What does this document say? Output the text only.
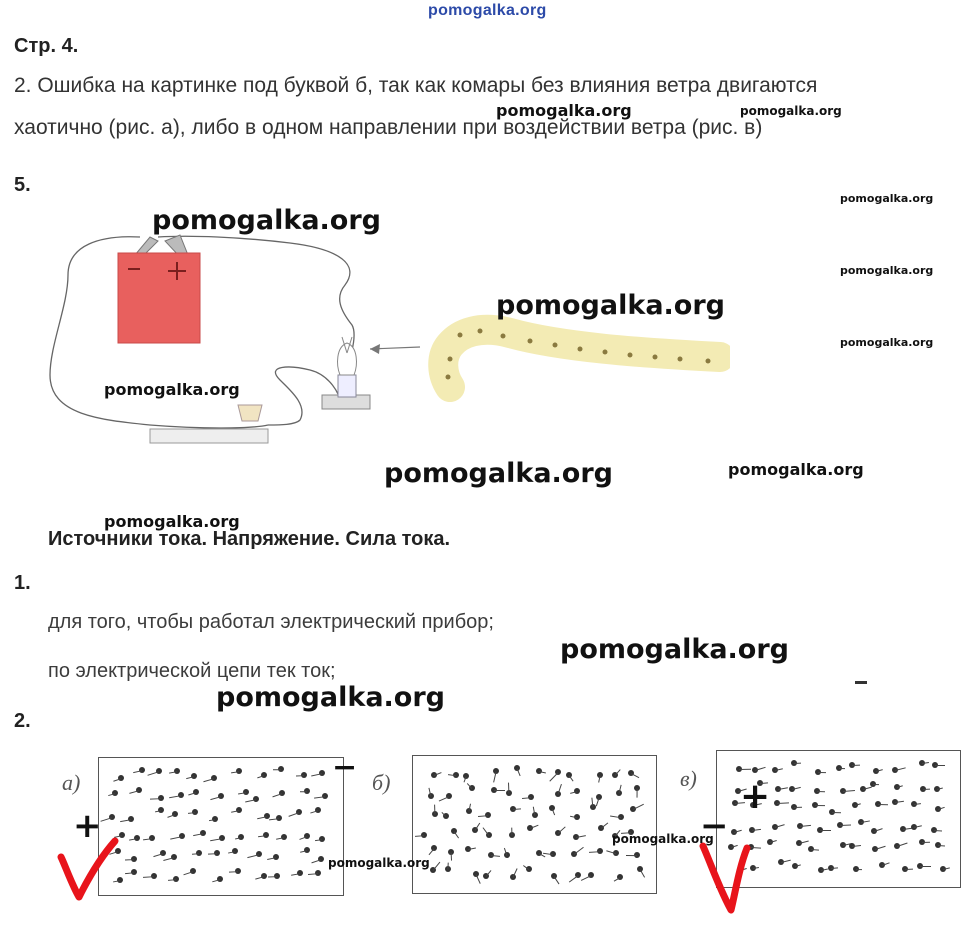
pomogalka.org
Стр. 4.
2. Ошибка на картинке под буквой б, так как комары без влияния ветра двигаются
хаотично (рис. а), либо в одном направлении при воздействии ветра (рис. в)
5.
Источники тока. Напряжение. Сила тока.
1.
для того, чтобы работал электрический прибор;
по электрической цепи тек ток;
2.
а)	б)	в)
−
+	−
+
pomogalka.org	pomogalka.org
pomogalka.org
pomogalka.org
pomogalka.org
pomogalka.org
pomogalka.org
pomogalka.org
pomogalka.org	pomogalka.org
pomogalka.org
pomogalka.org
pomogalka.org
pomogalka.org
pomogalka.org
